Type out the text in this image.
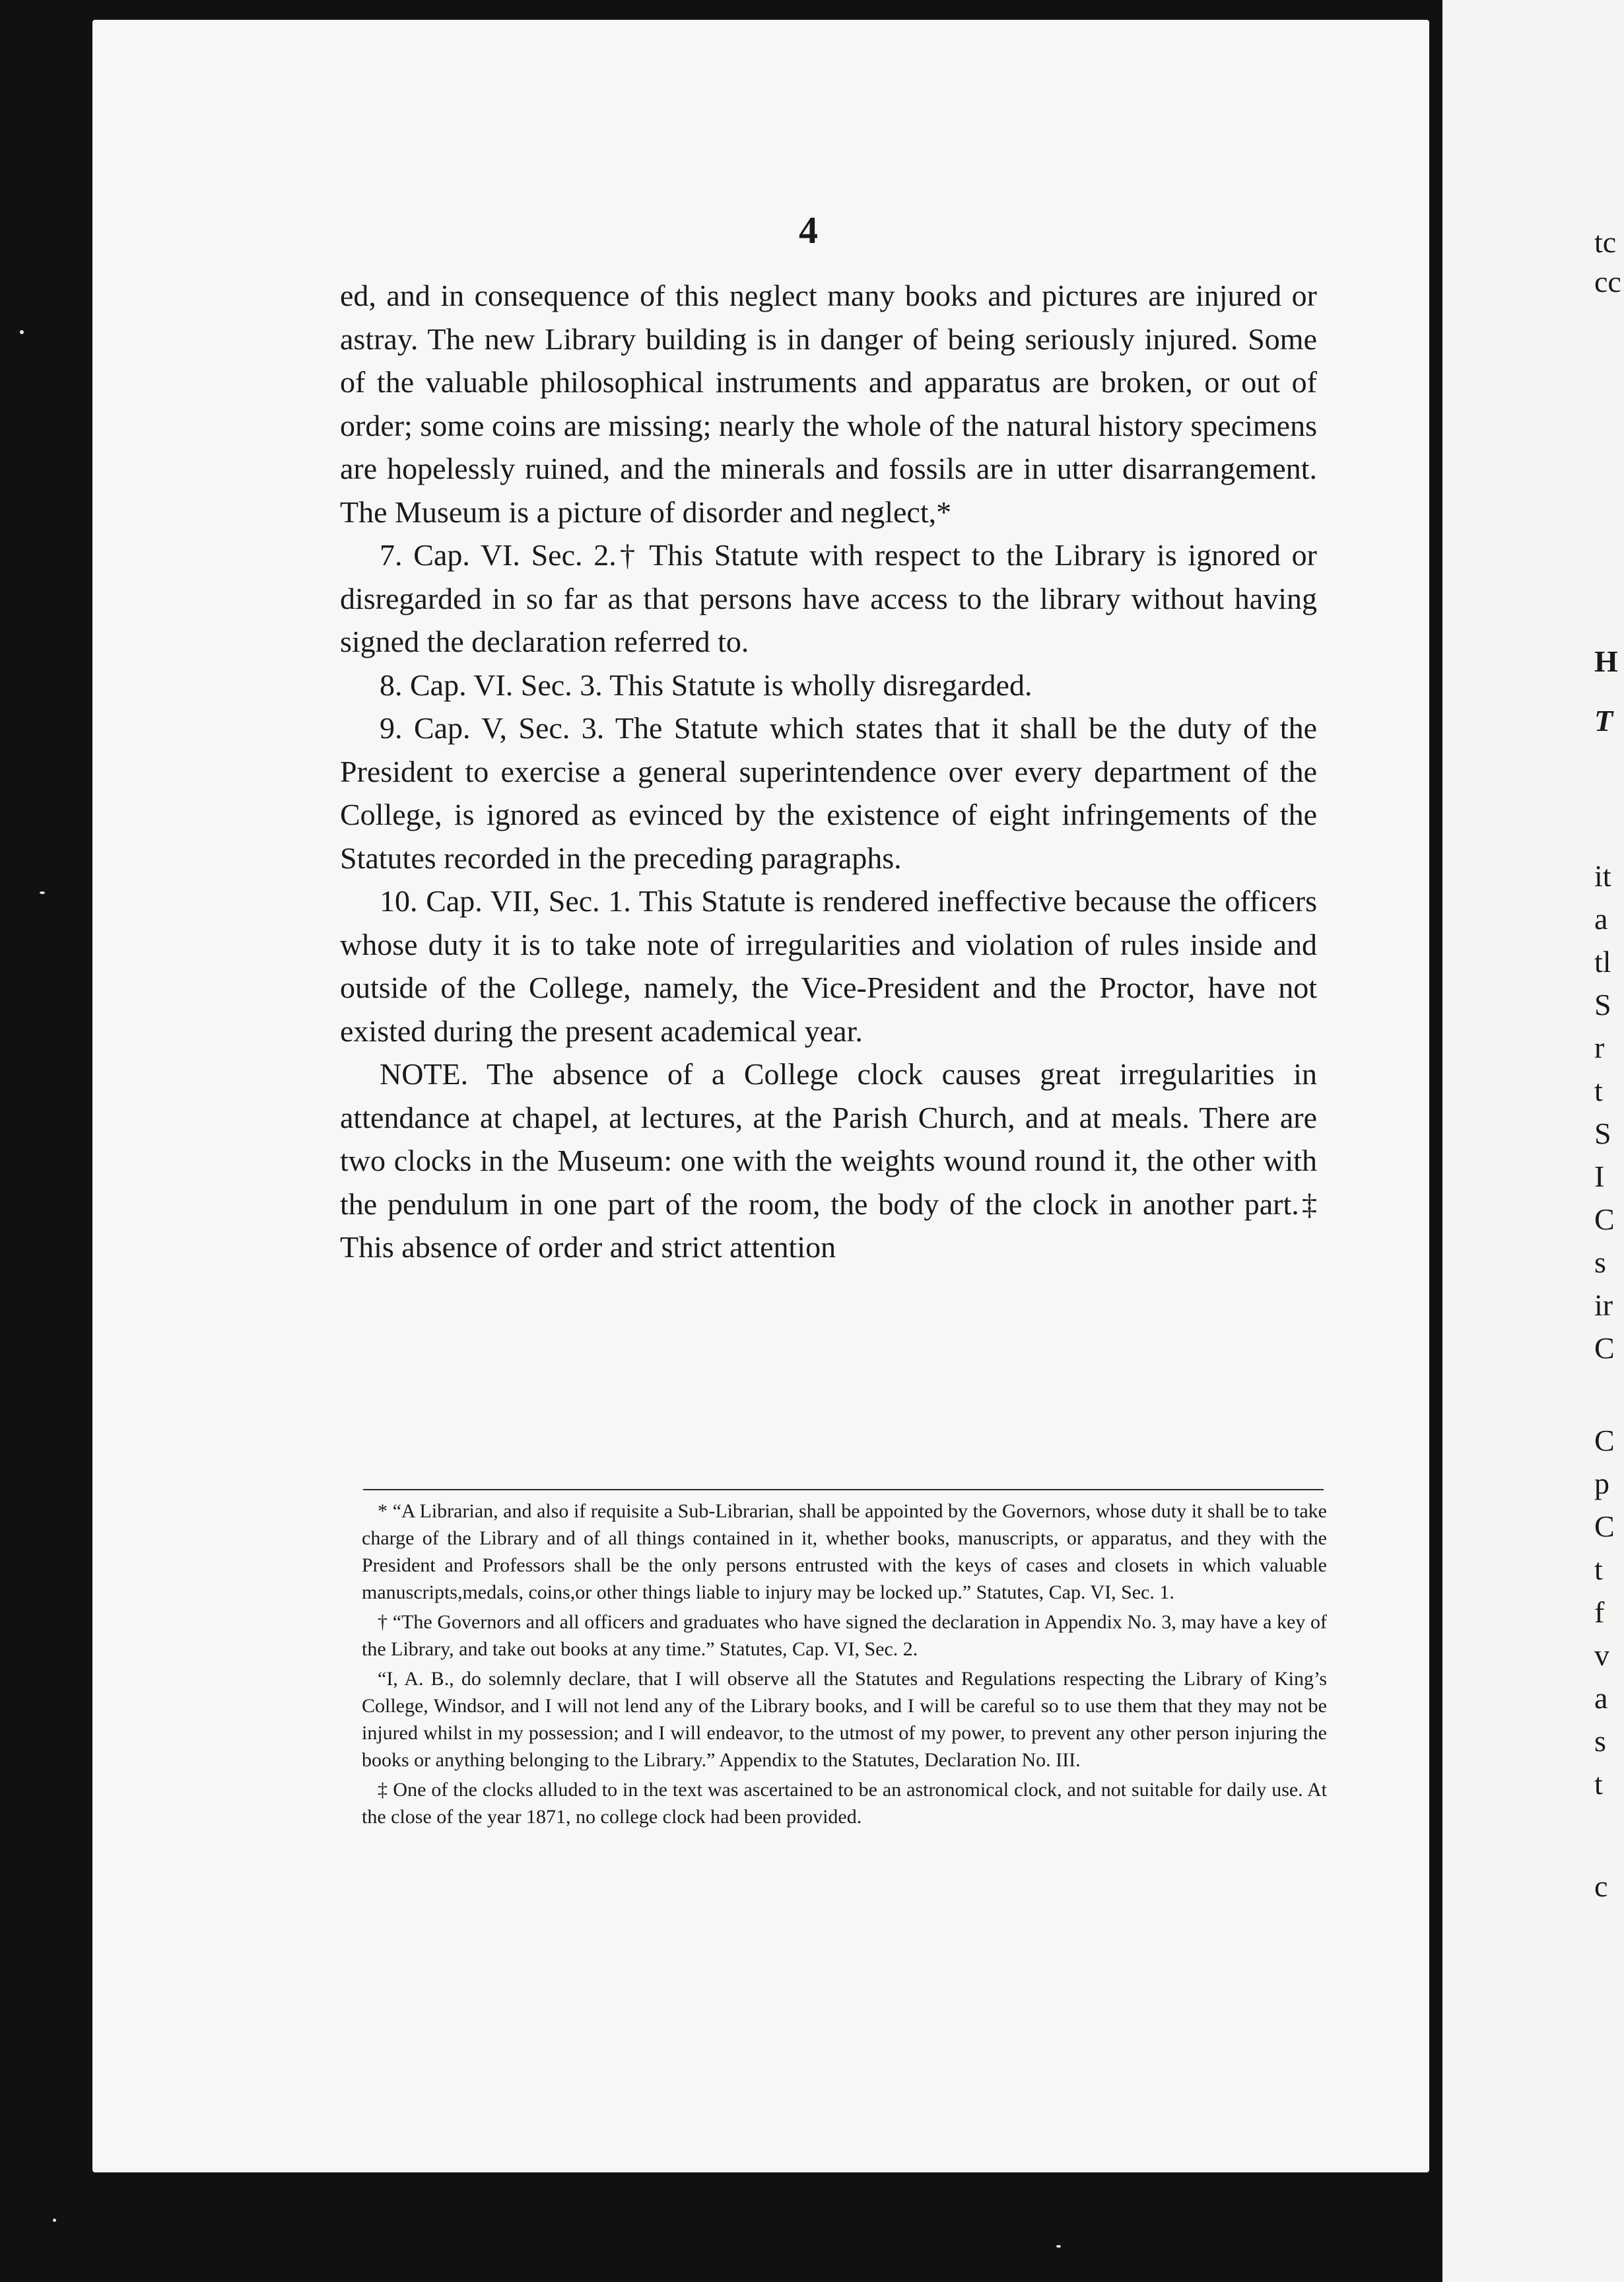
4

ed, and in consequence of this neglect many books and pictures are injured or astray. The new Library building is in danger of being seriously injured. Some of the valuable philosophical instruments and apparatus are broken, or out of order; some coins are missing; nearly the whole of the natural history specimens are hopelessly ruined, and the minerals and fossils are in utter disarrangement. The Museum is a picture of disorder and neglect,*

7. Cap. VI. Sec. 2.† This Statute with respect to the Library is ignored or disregarded in so far as that persons have access to the library without having signed the declaration referred to.

8. Cap. VI. Sec. 3. This Statute is wholly disregarded.

9. Cap. V, Sec. 3. The Statute which states that it shall be the duty of the President to exercise a general superintendence over every department of the College, is ignored as evinced by the existence of eight infringements of the Statutes recorded in the preceding paragraphs.

10. Cap. VII, Sec. 1. This Statute is rendered ineffective because the officers whose duty it is to take note of irregularities and violation of rules inside and outside of the College, namely, the Vice-President and the Proctor, have not existed during the present academical year.

NOTE. The absence of a College clock causes great irregularities in attendance at chapel, at lectures, at the Parish Church, and at meals. There are two clocks in the Museum: one with the weights wound round it, the other with the pendulum in one part of the room, the body of the clock in another part.‡ This absence of order and strict attention

* “A Librarian, and also if requisite a Sub-Librarian, shall be appointed by the Governors, whose duty it shall be to take charge of the Library and of all things contained in it, whether books, manuscripts, or apparatus, and they with the President and Professors shall be the only persons entrusted with the keys of cases and closets in which valuable manuscripts,medals, coins,or other things liable to injury may be locked up.” Statutes, Cap. VI, Sec. 1.

† “The Governors and all officers and graduates who have signed the declaration in Appendix No. 3, may have a key of the Library, and take out books at any time.” Statutes, Cap. VI, Sec. 2.

“I, A. B., do solemnly declare, that I will observe all the Statutes and Regulations respecting the Library of King’s College, Windsor, and I will not lend any of the Library books, and I will be careful so to use them that they may not be injured whilst in my possession; and I will endeavor, to the utmost of my power, to prevent any other person injuring the books or anything belonging to the Library.” Appendix to the Statutes, Declaration No. III.

‡ One of the clocks alluded to in the text was ascertained to be an astronomical clock, and not suitable for daily use. At the close of the year 1871, no college clock had been provided.

tc
cc
H
T
it
a
tl
S
r
t
S
I
C
s
ir
C
C
p
C
t
f
v
a
s
t
c
